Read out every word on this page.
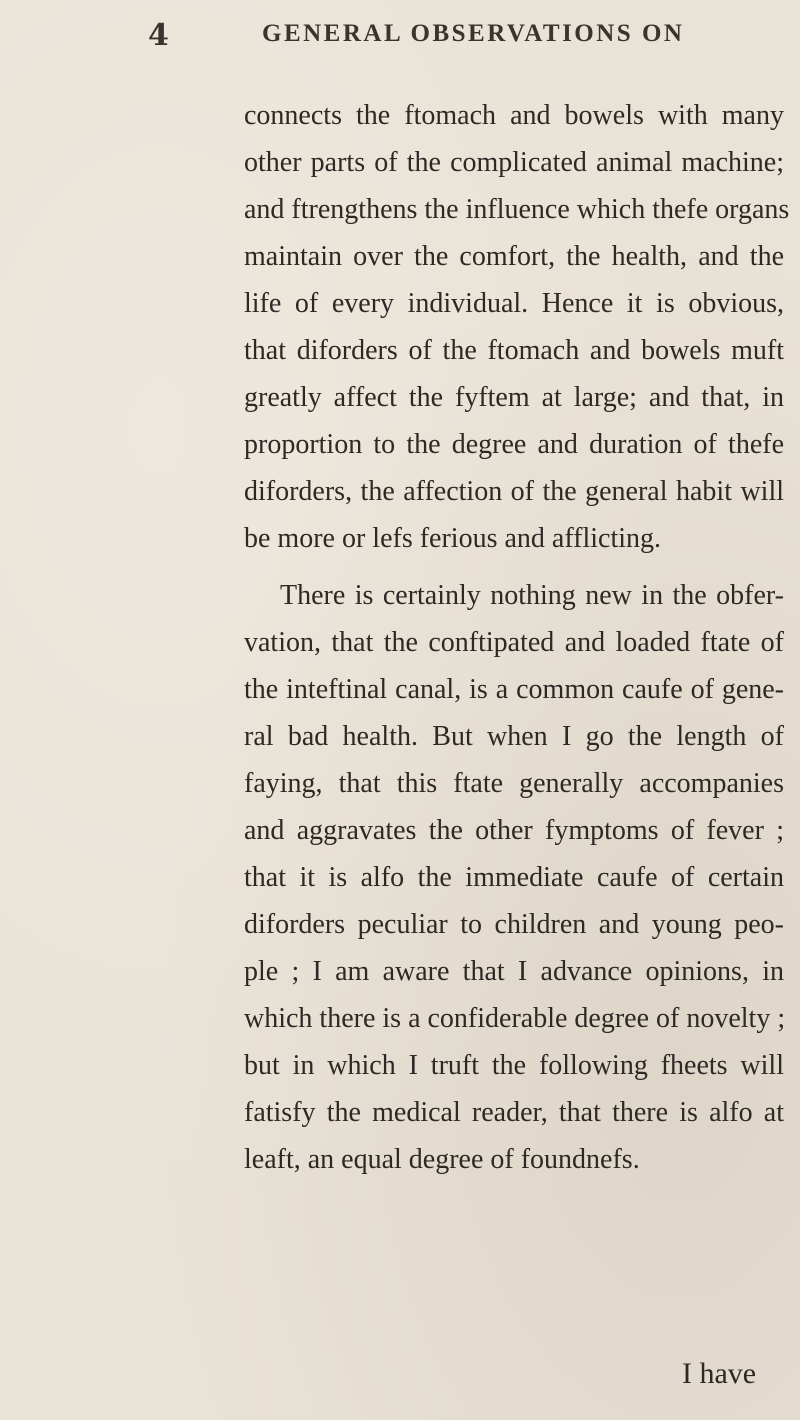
4	GENERAL OBSERVATIONS ON
connects the ftomach and bowels with many
other parts of the complicated animal machine;
and ftrengthens the influence which thefe organs
maintain over the comfort, the health, and the
life of every individual. Hence it is obvious,
that diforders of the ftomach and bowels muft
greatly affect the fyftem at large; and that, in
proportion to the degree and duration of thefe
diforders, the affection of the general habit will
be more or lefs ferious and afflicting.
There is certainly nothing new in the obfer-
vation, that the conftipated and loaded ftate of
the inteftinal canal, is a common caufe of gene-
ral bad health. But when I go the length of
faying, that this ftate generally accompanies
and aggravates the other fymptoms of fever ;
that it is alfo the immediate caufe of certain
diforders peculiar to children and young peo-
ple ; I am aware that I advance opinions, in
which there is a confiderable degree of novelty ;
but in which I truft the following fheets will
fatisfy the medical reader, that there is alfo at
leaft, an equal degree of foundnefs.
I have
